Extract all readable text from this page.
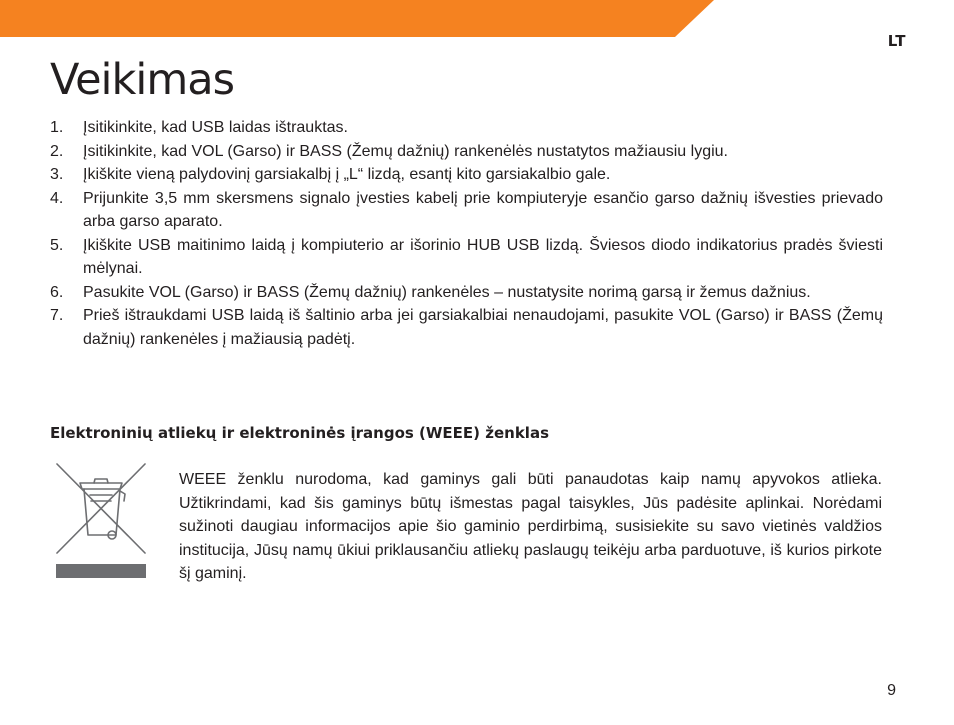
LT
Veikimas
1. Įsitikinkite, kad USB laidas ištrauktas.
2. Įsitikinkite, kad VOL (Garso) ir BASS (Žemų dažnių) rankenėlės nustatytos mažiausiu lygiu.
3. Įkiškite vieną palydovinį garsiakalbį į „L“ lizdą, esantį kito garsiakalbio gale.
4. Prijunkite 3,5 mm skersmens signalo įvesties kabelį prie kompiuteryje esančio garso dažnių išvesties prievado arba garso aparato.
5. Įkiškite USB maitinimo laidą į kompiuterio ar išorinio HUB USB lizdą. Šviesos diodo indikatorius pradės šviesti mėlynai.
6. Pasukite VOL (Garso) ir BASS (Žemų dažnių) rankenėles – nustatysite norimą garsą ir žemus dažnius.
7. Prieš ištraukdami USB laidą iš šaltinio arba jei garsiakalbiai nenaudojami, pasukite VOL (Garso) ir BASS (Žemų dažnių) rankenėles į mažiausią padėtį.
Elektroninių atliekų ir elektroninės įrangos (WEEE) ženklas

WEEE ženklu nurodoma, kad gaminys gali būti panaudotas kaip namų apyvokos atlieka. Užtikrindami, kad šis gaminys būtų išmestas pagal taisykles, Jūs padėsite aplinkai. Norėdami sužinoti daugiau informacijos apie šio gaminio perdirbimą, susisiekite su savo vietinės valdžios institucija, Jūsų namų ūkiui priklausančiu atliekų paslaugų teikėju arba parduotuve, iš kurios pirkote šį gaminį.

9
